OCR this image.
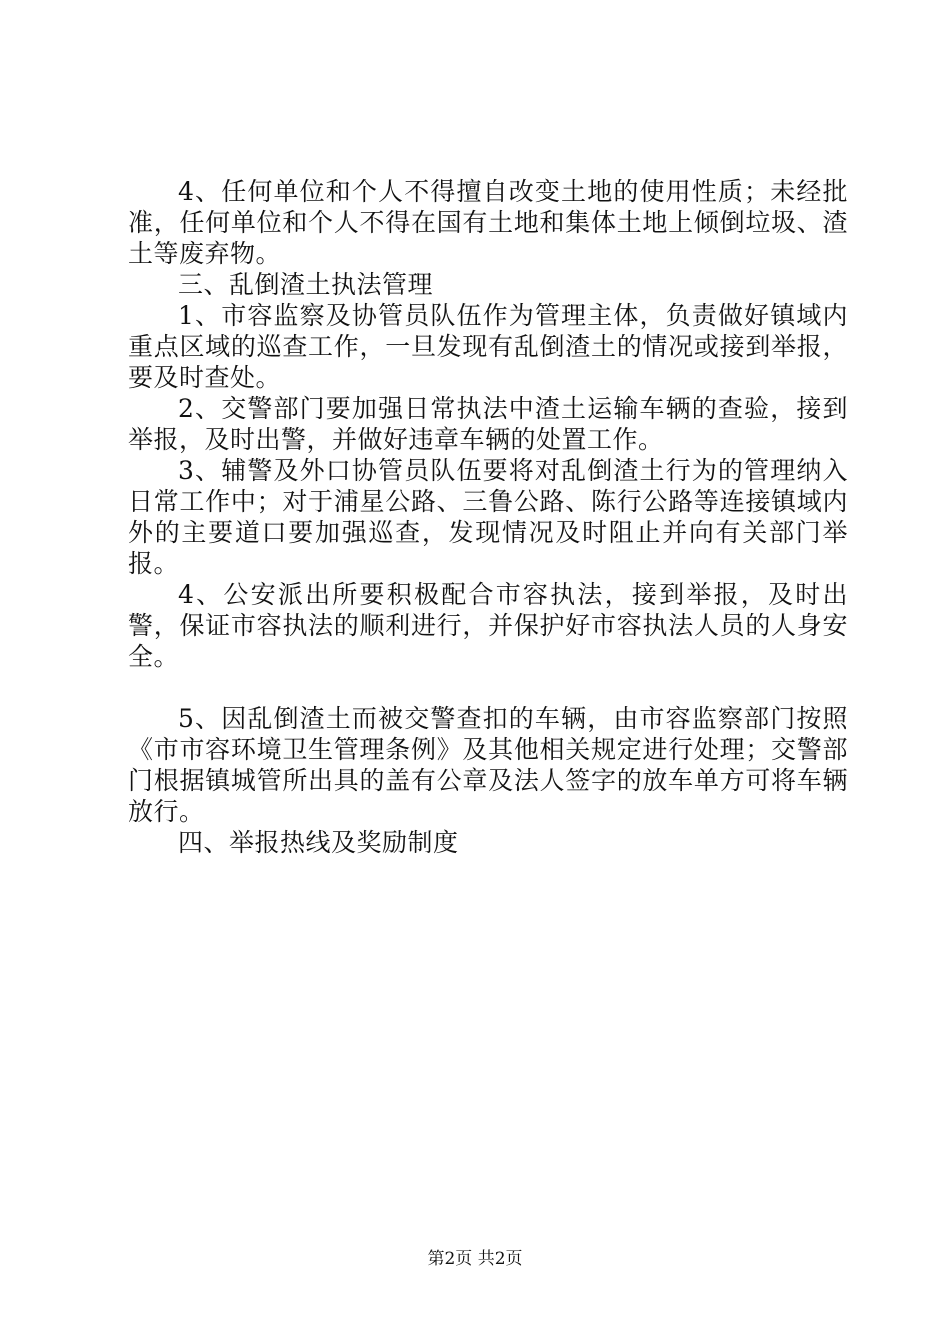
4、任何单位和个人不得擅自改变土地的使用性质；未经批准，任何单位和个人不得在国有土地和集体土地上倾倒垃圾、渣土等废弃物。

三、乱倒渣土执法管理

1、市容监察及协管员队伍作为管理主体，负责做好镇域内重点区域的巡查工作，一旦发现有乱倒渣土的情况或接到举报，要及时查处。

2、交警部门要加强日常执法中渣土运输车辆的查验，接到举报，及时出警，并做好违章车辆的处置工作。

3、辅警及外口协管员队伍要将对乱倒渣土行为的管理纳入日常工作中；对于浦星公路、三鲁公路、陈行公路等连接镇域内外的主要道口要加强巡查，发现情况及时阻止并向有关部门举报。

4、公安派出所要积极配合市容执法，接到举报，及时出警，保证市容执法的顺利进行，并保护好市容执法人员的人身安全。

5、因乱倒渣土而被交警查扣的车辆，由市容监察部门按照《市市容环境卫生管理条例》及其他相关规定进行处理；交警部门根据镇城管所出具的盖有公章及法人签字的放车单方可将车辆放行。

四、举报热线及奖励制度

第2页 共2页
